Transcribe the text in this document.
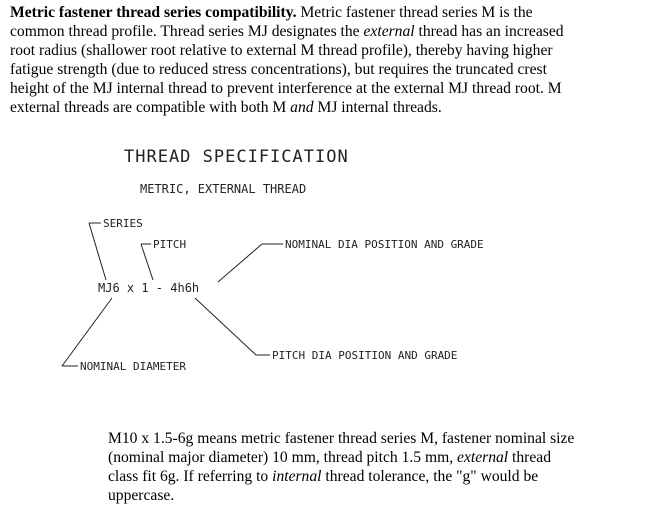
Metric fastener thread series compatibility. Metric fastener thread series M is the
common thread profile. Thread series MJ designates the external thread has an increased
root radius (shallower root relative to external M thread profile), thereby having higher
fatigue strength (due to reduced stress concentrations), but requires the truncated crest
height of the MJ internal thread to prevent interference at the external MJ thread root. M
external threads are compatible with both M and MJ internal threads.
THREAD SPECIFICATION
METRIC, EXTERNAL THREAD
MJ6 x 1 - 4h6h
SERIES
PITCH	NOMINAL DIA POSITION AND GRADE
PITCH DIA POSITION AND GRADE
NOMINAL DIAMETER
M10 x 1.5-6g means metric fastener thread series M, fastener nominal size
(nominal major diameter) 10 mm, thread pitch 1.5 mm, external thread
class fit 6g. If referring to internal thread tolerance, the "g" would be
uppercase.
